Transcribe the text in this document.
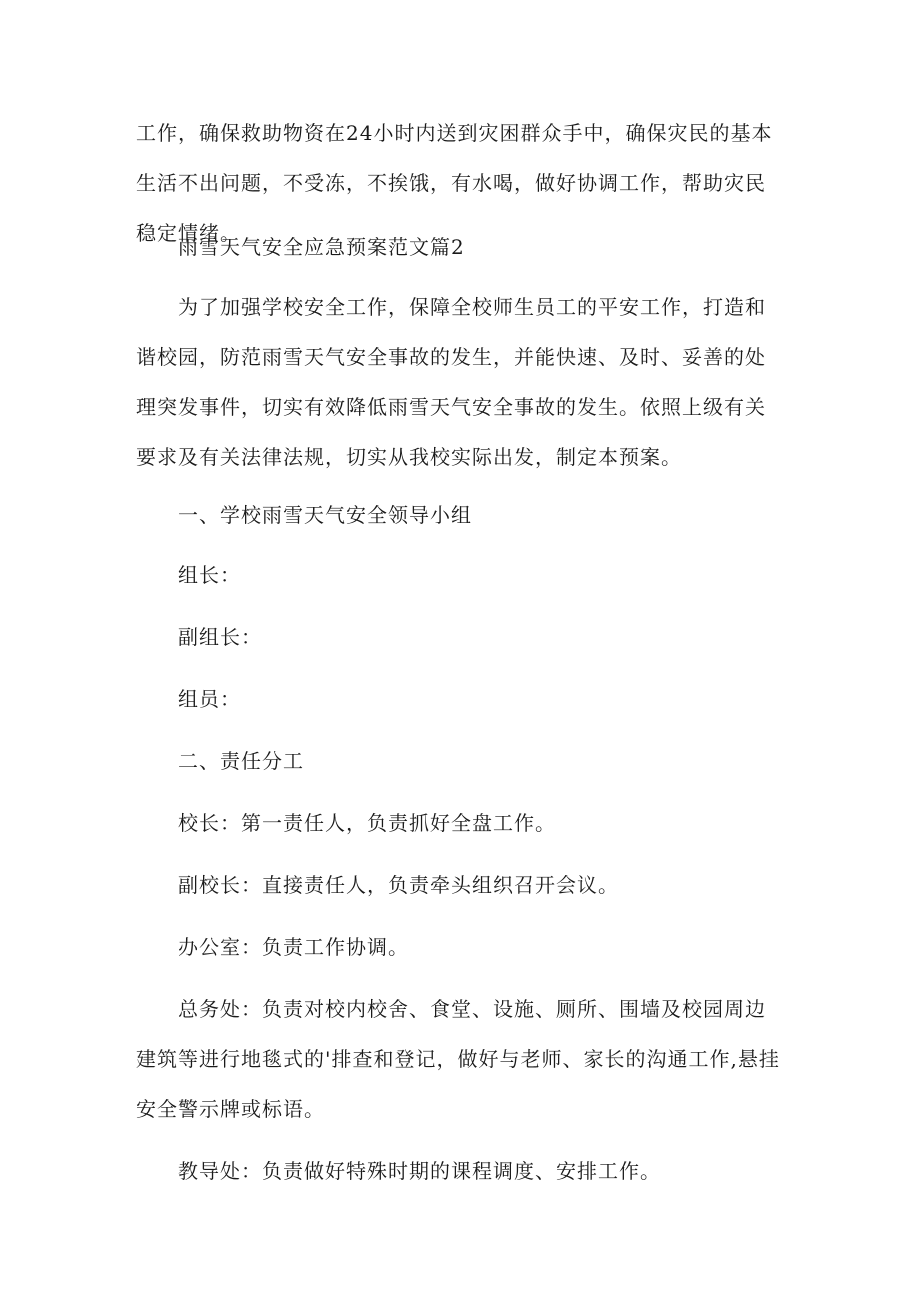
工作，确保救助物资在24小时内送到灾困群众手中，确保灾民的基本生活不出问题，不受冻，不挨饿，有水喝，做好协调工作，帮助灾民稳定情绪。

雨雪天气安全应急预案范文篇2

为了加强学校安全工作，保障全校师生员工的平安工作，打造和谐校园，防范雨雪天气安全事故的发生，并能快速、及时、妥善的处理突发事件，切实有效降低雨雪天气安全事故的发生。依照上级有关要求及有关法律法规，切实从我校实际出发，制定本预案。

一、学校雨雪天气安全领导小组

组长：

副组长：

组员：

二、责任分工

校长：第一责任人，负责抓好全盘工作。

副校长：直接责任人，负责牵头组织召开会议。

办公室：负责工作协调。

总务处：负责对校内校舍、食堂、设施、厕所、围墙及校园周边建筑等进行地毯式的'排查和登记，做好与老师、家长的沟通工作,悬挂安全警示牌或标语。

教导处：负责做好特殊时期的课程调度、安排工作。
